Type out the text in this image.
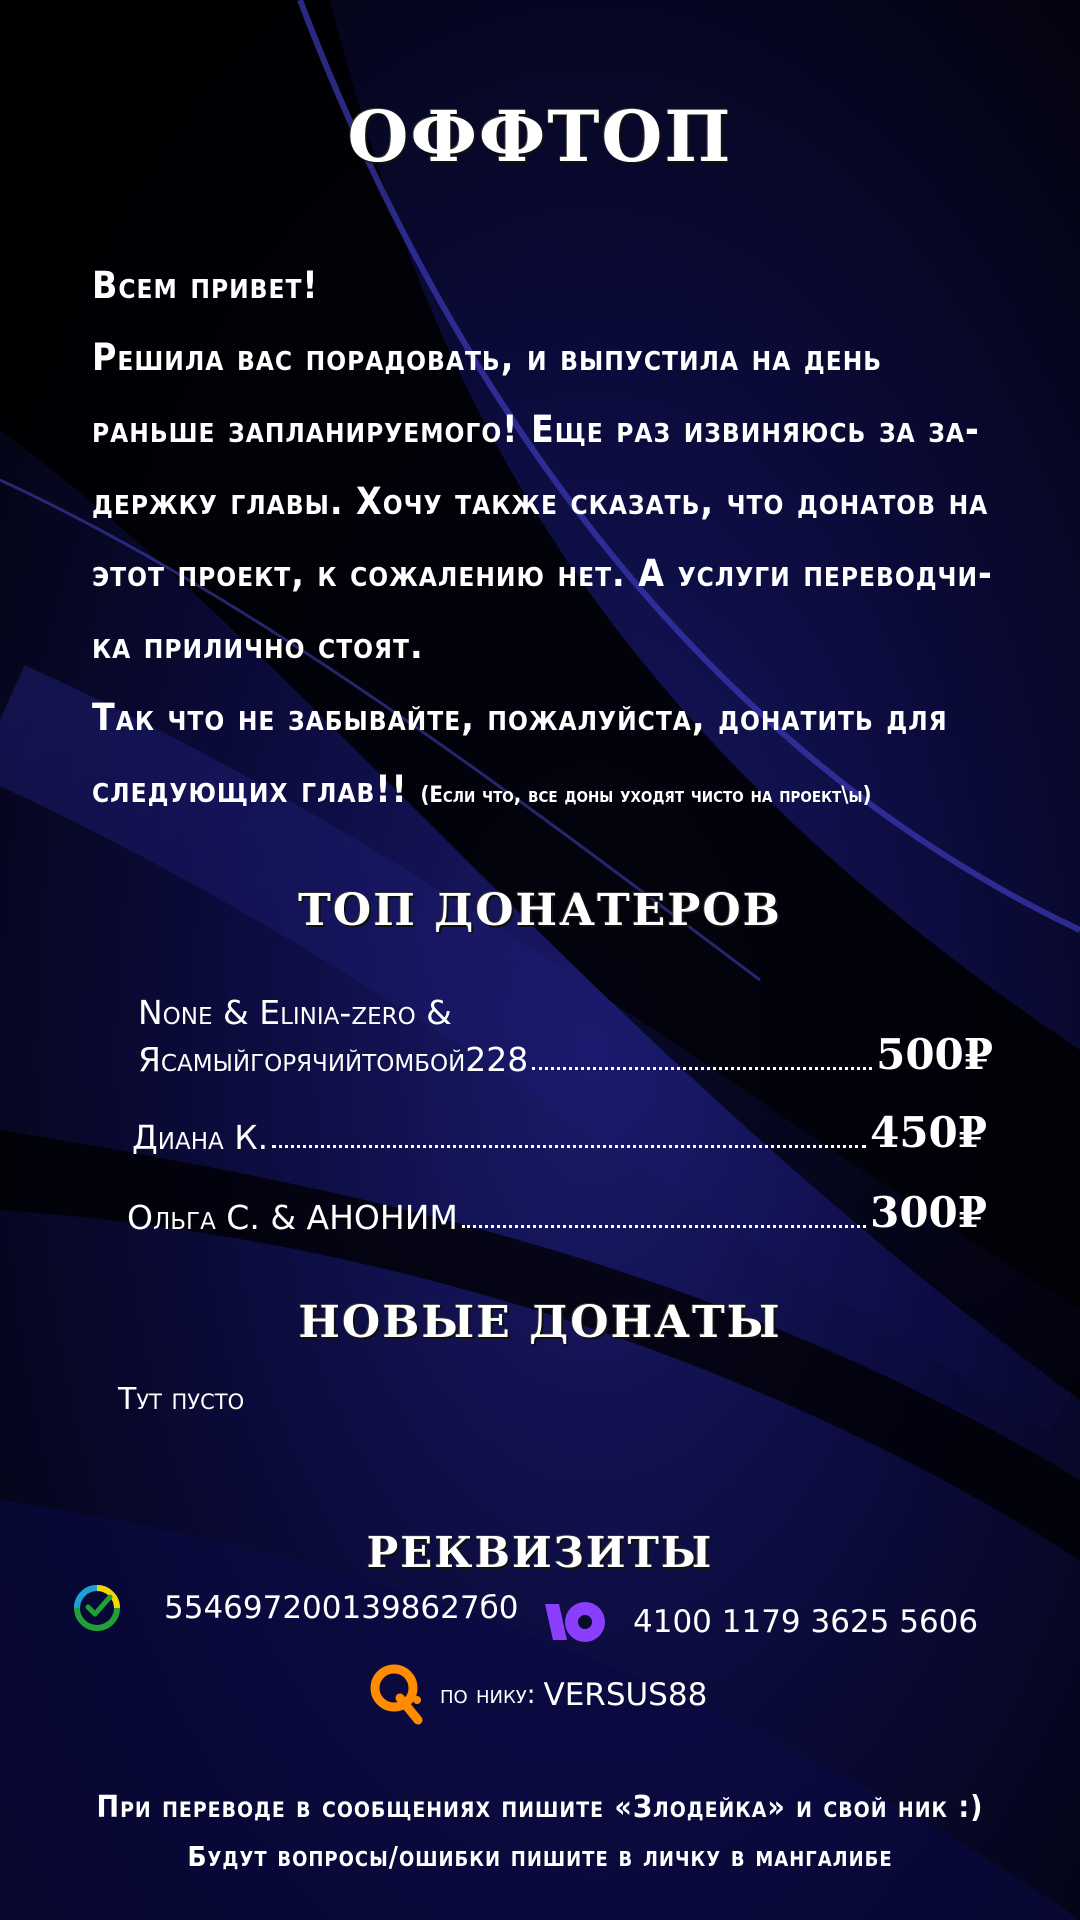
ОФФТОП
Всем привет!
Решила вас порадовать, и выпустила на день
раньше запланируемого! Еще раз извиняюсь за за-
держку главы. Хочу также сказать, что донатов на
этот проект, к сожалению нет. А услуги переводчи-
ка прилично стоят.
Так что не забывайте, пожалуйста, донатить для
следующих глав!! (Если что, все доны уходят чисто на проект\ы)
ТОП ДОНАТЕРОВ
None & Elinia-zero &
Ясамыйгорячийтомбой228	500₽
Диана К.	450₽
Ольга С. & АНОНИМ	300₽
НОВЫЕ ДОНАТЫ
Тут пусто
РЕКВИЗИТЫ
5546972001398627б0	4100 1179 3625 5606
по нику: VERSUS88
При переводе в сообщениях пишите «Злодейка» и свой ник :)
Будут вопросы/ошибки пишите в личку в мангалибе
